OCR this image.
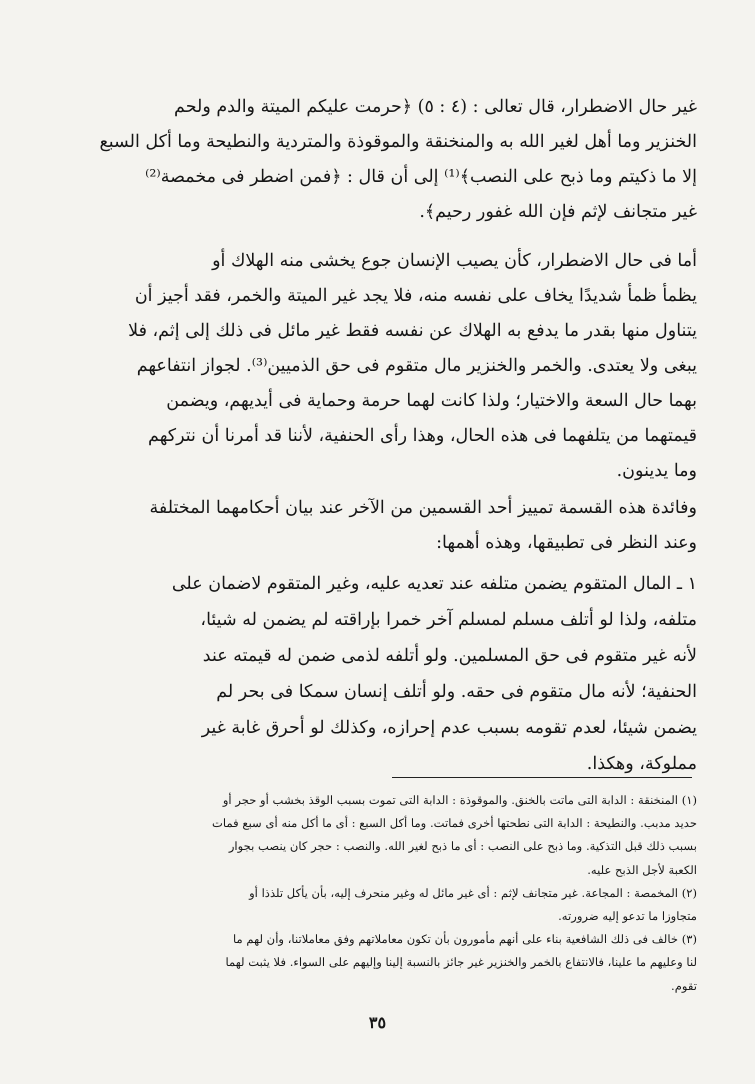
غير حال الاضطرار، قال تعالى : (٤ : ٥) ﴿حرمت عليكم الميتة والدم ولحم
الخنزير وما أهل لغير الله به والمنخنقة والموقوذة والمتردية والنطيحة وما أكل السبع
إلا ما ذكيتم وما ذبح على النصب﴾⁽¹⁾ إلى أن قال : ﴿فمن اضطر فى مخمصة⁽²⁾
غير متجانف لإثم فإن الله غفور رحيم﴾.
أما فى حال الاضطرار، كأن يصيب الإنسان جوع يخشى منه الهلاك أو
يظمأ ظمأ شديدًا يخاف على نفسه منه، فلا يجد غير الميتة والخمر، فقد أجيز أن
يتناول منها بقدر ما يدفع به الهلاك عن نفسه فقط غير مائل فى ذلك إلى إثم، فلا
يبغى ولا يعتدى. والخمر والخنزير مال متقوم فى حق الذميين⁽³⁾. لجواز انتفاعهم
بهما حال السعة والاختيار؛ ولذا كانت لهما حرمة وحماية فى أيديهم، ويضمن
قيمتهما من يتلفهما فى هذه الحال، وهذا رأى الحنفية، لأننا قد أمرنا أن نتركهم
وما يدينون.
وفائدة هذه القسمة تمييز أحد القسمين من الآخر عند بيان أحكامهما المختلفة
وعند النظر فى تطبيقها، وهذه أهمها:
١ ـ المال المتقوم يضمن متلفه عند تعديه عليه، وغير المتقوم لاضمان على
متلفه، ولذا لو أتلف مسلم لمسلم آخر خمرا بإراقته لم يضمن له شيئا،
لأنه غير متقوم فى حق المسلمين. ولو أتلفه لذمى ضمن له قيمته عند
الحنفية؛ لأنه مال متقوم فى حقه. ولو أتلف إنسان سمكا فى بحر لم
يضمن شيئا، لعدم تقومه بسبب عدم إحرازه، وكذلك لو أحرق غابة غير
مملوكة، وهكذا.
(١) المنخنقة : الدابة التى ماتت بالخنق. والموقوذة : الدابة التى تموت بسبب الوقذ بخشب أو حجر أو
حديد مدبب. والنطيحة : الدابة التى نطحتها أخرى فماتت. وما أكل السبع : أى ما أكل منه أى سبع فمات
بسبب ذلك قبل التذكية. وما ذبح على النصب : أى ما ذبح لغير الله. والنصب : حجر كان ينصب بجوار
الكعبة لأجل الذبح عليه.
(٢) المخمصة : المجاعة. غير متجانف لإثم : أى غير مائل له وغير منحرف إليه، بأن يأكل تلذذا أو
متجاوزا ما تدعو إليه ضرورته.
(٣) خالف فى ذلك الشافعية بناء على أنهم مأمورون بأن تكون معاملاتهم وفق معاملاتنا، وأن لهم ما
لنا وعليهم ما علينا، فالانتفاع بالخمر والخنزير غير جائز بالنسبة إلينا وإليهم على السواء. فلا يثبت لهما
تقوم.
٣٥
